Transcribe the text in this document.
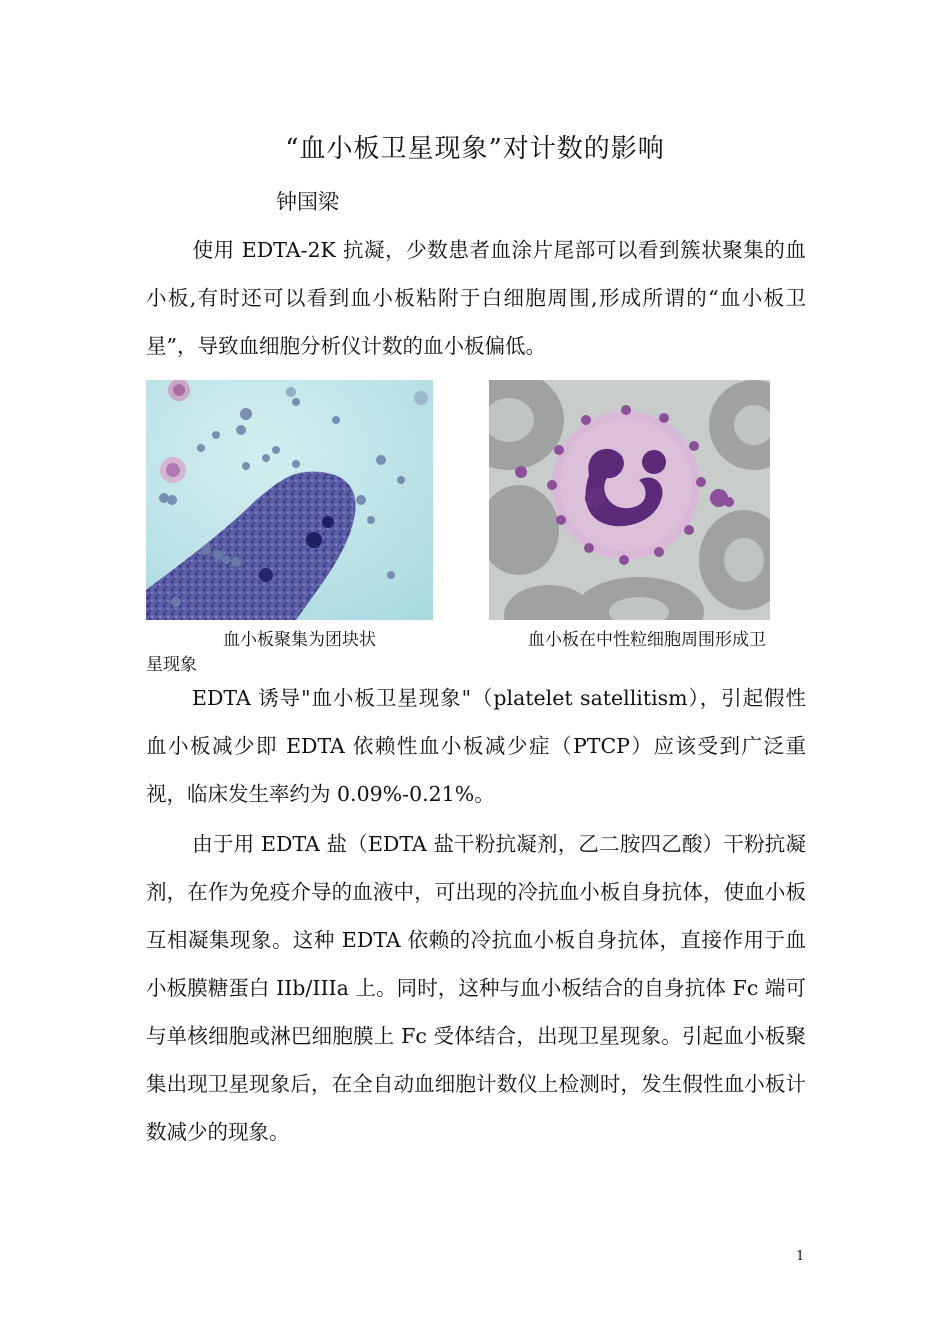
“血小板卫星现象”对计数的影响
钟国梁
使用 EDTA-2K 抗凝，少数患者血涂片尾部可以看到簇状聚集的血小板,有时还可以看到血小板粘附于白细胞周围,形成所谓的“血小板卫星”，导致血细胞分析仪计数的血小板偏低。
血小板聚集为团块状	血小板在中性粒细胞周围形成卫
星现象
EDTA 诱导"血小板卫星现象"（platelet satellitism），引起假性血小板减少即 EDTA 依赖性血小板减少症（PTCP）应该受到广泛重视，临床发生率约为 0.09%-0.21%。
由于用 EDTA 盐（EDTA 盐干粉抗凝剂，乙二胺四乙酸）干粉抗凝剂，在作为免疫介导的血液中，可出现的冷抗血小板自身抗体，使血小板互相凝集现象。这种 EDTA 依赖的冷抗血小板自身抗体，直接作用于血小板膜糖蛋白 IIb/IIIa 上。同时，这种与血小板结合的自身抗体 Fc 端可与单核细胞或淋巴细胞膜上 Fc 受体结合，出现卫星现象。引起血小板聚集出现卫星现象后，在全自动血细胞计数仪上检测时，发生假性血小板计数减少的现象。
1
